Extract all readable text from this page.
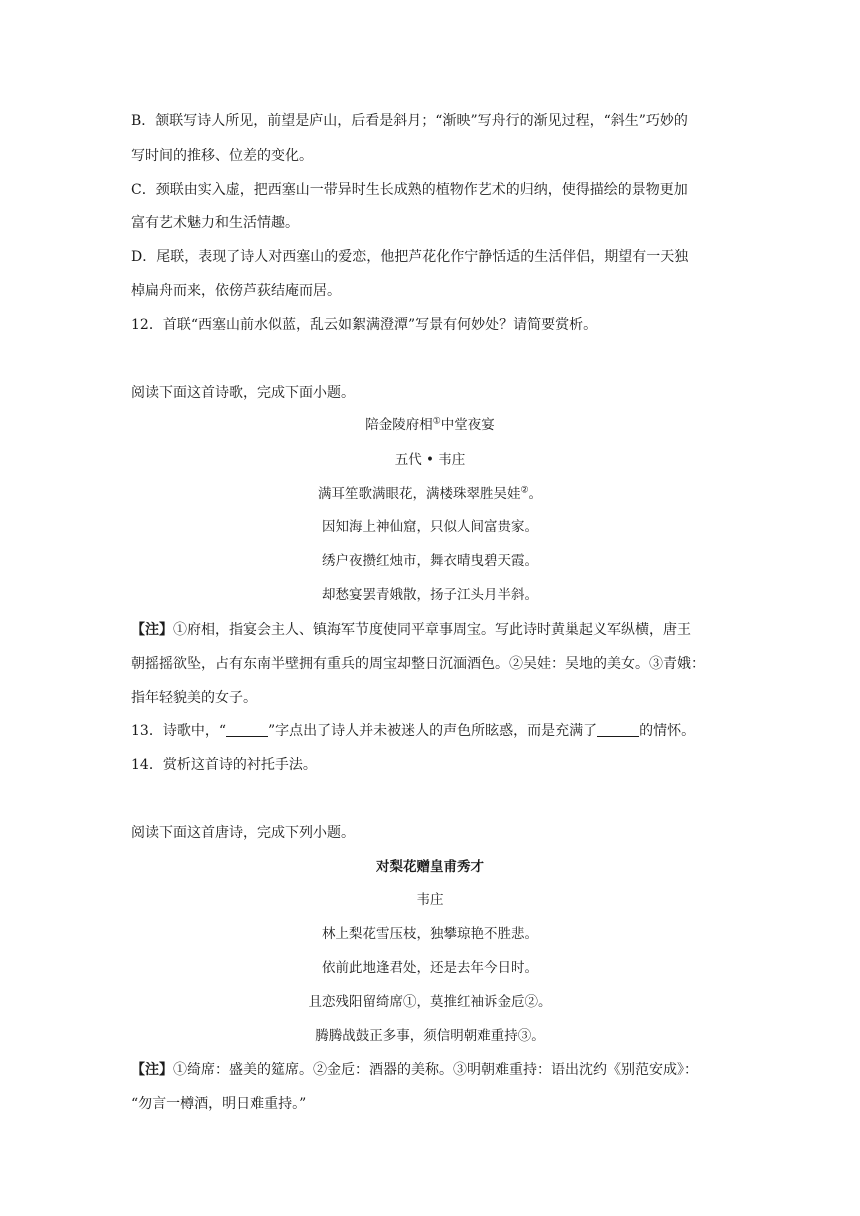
B．颔联写诗人所见，前望是庐山，后看是斜月；“渐映”写舟行的渐见过程，“斜生”巧妙的
写时间的推移、位差的变化。
C．颈联由实入虚，把西塞山一带异时生长成熟的植物作艺术的归纳，使得描绘的景物更加
富有艺术魅力和生活情趣。
D．尾联，表现了诗人对西塞山的爱恋，他把芦花化作宁静恬适的生活伴侣，期望有一天独
棹扁舟而来，依傍芦荻结庵而居。
12．首联“西塞山前水似蓝，乱云如絮满澄潭”写景有何妙处？请简要赏析。
阅读下面这首诗歌，完成下面小题。
陪金陵府相①中堂夜宴
五代 • 韦庄
满耳笙歌满眼花，满楼珠翠胜吴娃②。
因知海上神仙窟，只似人间富贵家。
绣户夜攒红烛市，舞衣晴曳碧天霞。
却愁宴罢青娥散，扬子江头月半斜。
【注】①府相，指宴会主人、镇海军节度使同平章事周宝。写此诗时黄巢起义军纵横，唐王
朝摇摇欲坠，占有东南半壁拥有重兵的周宝却整日沉湎酒色。②吴娃：吴地的美女。③青娥：
指年轻貌美的女子。
13．诗歌中，“	”字点出了诗人并未被迷人的声色所眩惑，而是充满了	的情怀。
14．赏析这首诗的衬托手法。
阅读下面这首唐诗，完成下列小题。
对梨花赠皇甫秀才
韦庄
林上梨花雪压枝，独攀琼艳不胜悲。
依前此地逢君处，还是去年今日时。
且恋残阳留绮席①，莫推红袖诉金卮②。
腾腾战鼓正多事，须信明朝难重持③。
【注】①绮席：盛美的筵席。②金卮：酒器的美称。③明朝难重持：语出沈约《别范安成》：
“勿言一樽酒，明日难重持。”
